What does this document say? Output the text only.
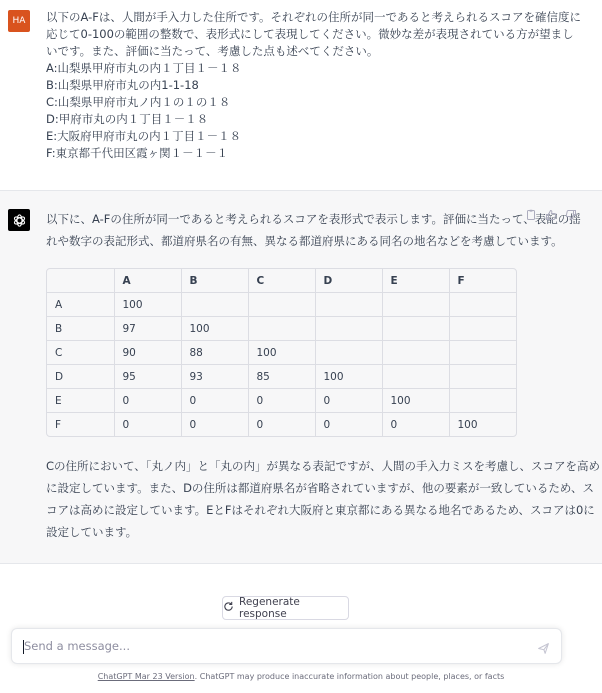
HA	以下のA-Fは、人間が手入力した住所です。それぞれの住所が同一であると考えられるスコアを確信度に
応じて0-100の範囲の整数で、表形式にして表現してください。微妙な差が表現されている方が望まし
いです。また、評価に当たって、考慮した点も述べてください。
A:山梨県甲府市丸の内１丁目１－１８
B:山梨県甲府市丸の内1-1-18
C:山梨県甲府市丸ノ内１の１の１８
D:甲府市丸の内１丁目１－１８
E:大阪府甲府市丸の内１丁目１－１８
F:東京都千代田区霞ヶ関１－１－１
以下に、A-Fの住所が同一であると考えられるスコアを表形式で表示します。評価に当たって、表記の揺
れや数字の表記形式、都道府県名の有無、異なる都道府県にある同名の地名などを考慮しています。
	A	B	C	D	E	F
A	100					
B	97	100				
C	90	88	100			
D	95	93	85	100		
E	0	0	0	0	100	
F	0	0	0	0	0	100
Cの住所において、「丸ノ内」と「丸の内」が異なる表記ですが、人間の手入力ミスを考慮し、スコアを高め
に設定しています。また、Dの住所は都道府県名が省略されていますが、他の要素が一致しているため、ス
コアは高めに設定しています。EとFはそれぞれ大阪府と東京都にある異なる地名であるため、スコアは0に
設定しています。
Regenerate response
Send a message...
ChatGPT Mar 23 Version. ChatGPT may produce inaccurate information about people, places, or facts
